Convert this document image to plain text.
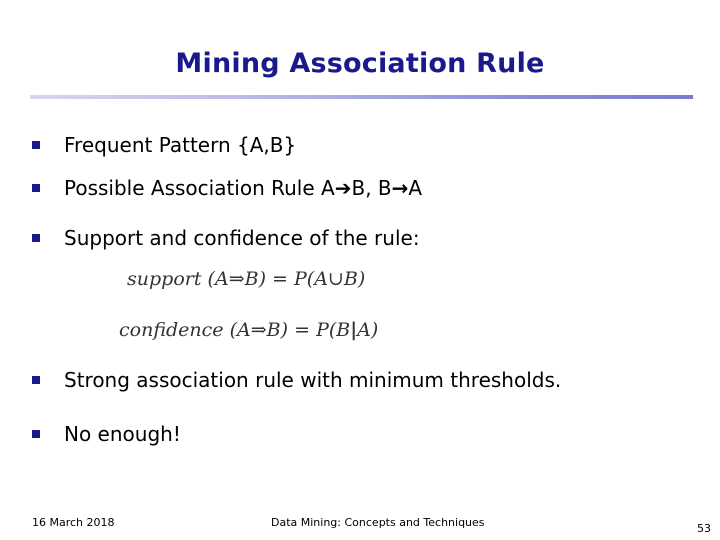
Mining Association Rule
Frequent Pattern {A,B}
Possible Association Rule A➔B, B→A
Support and confidence of the rule:
support (A⇒B) = P(A∪B)
confidence (A⇒B) = P(B|A)
Strong association rule with minimum thresholds.
No enough!
16 March 2018	Data Mining: Concepts and Techniques	53
